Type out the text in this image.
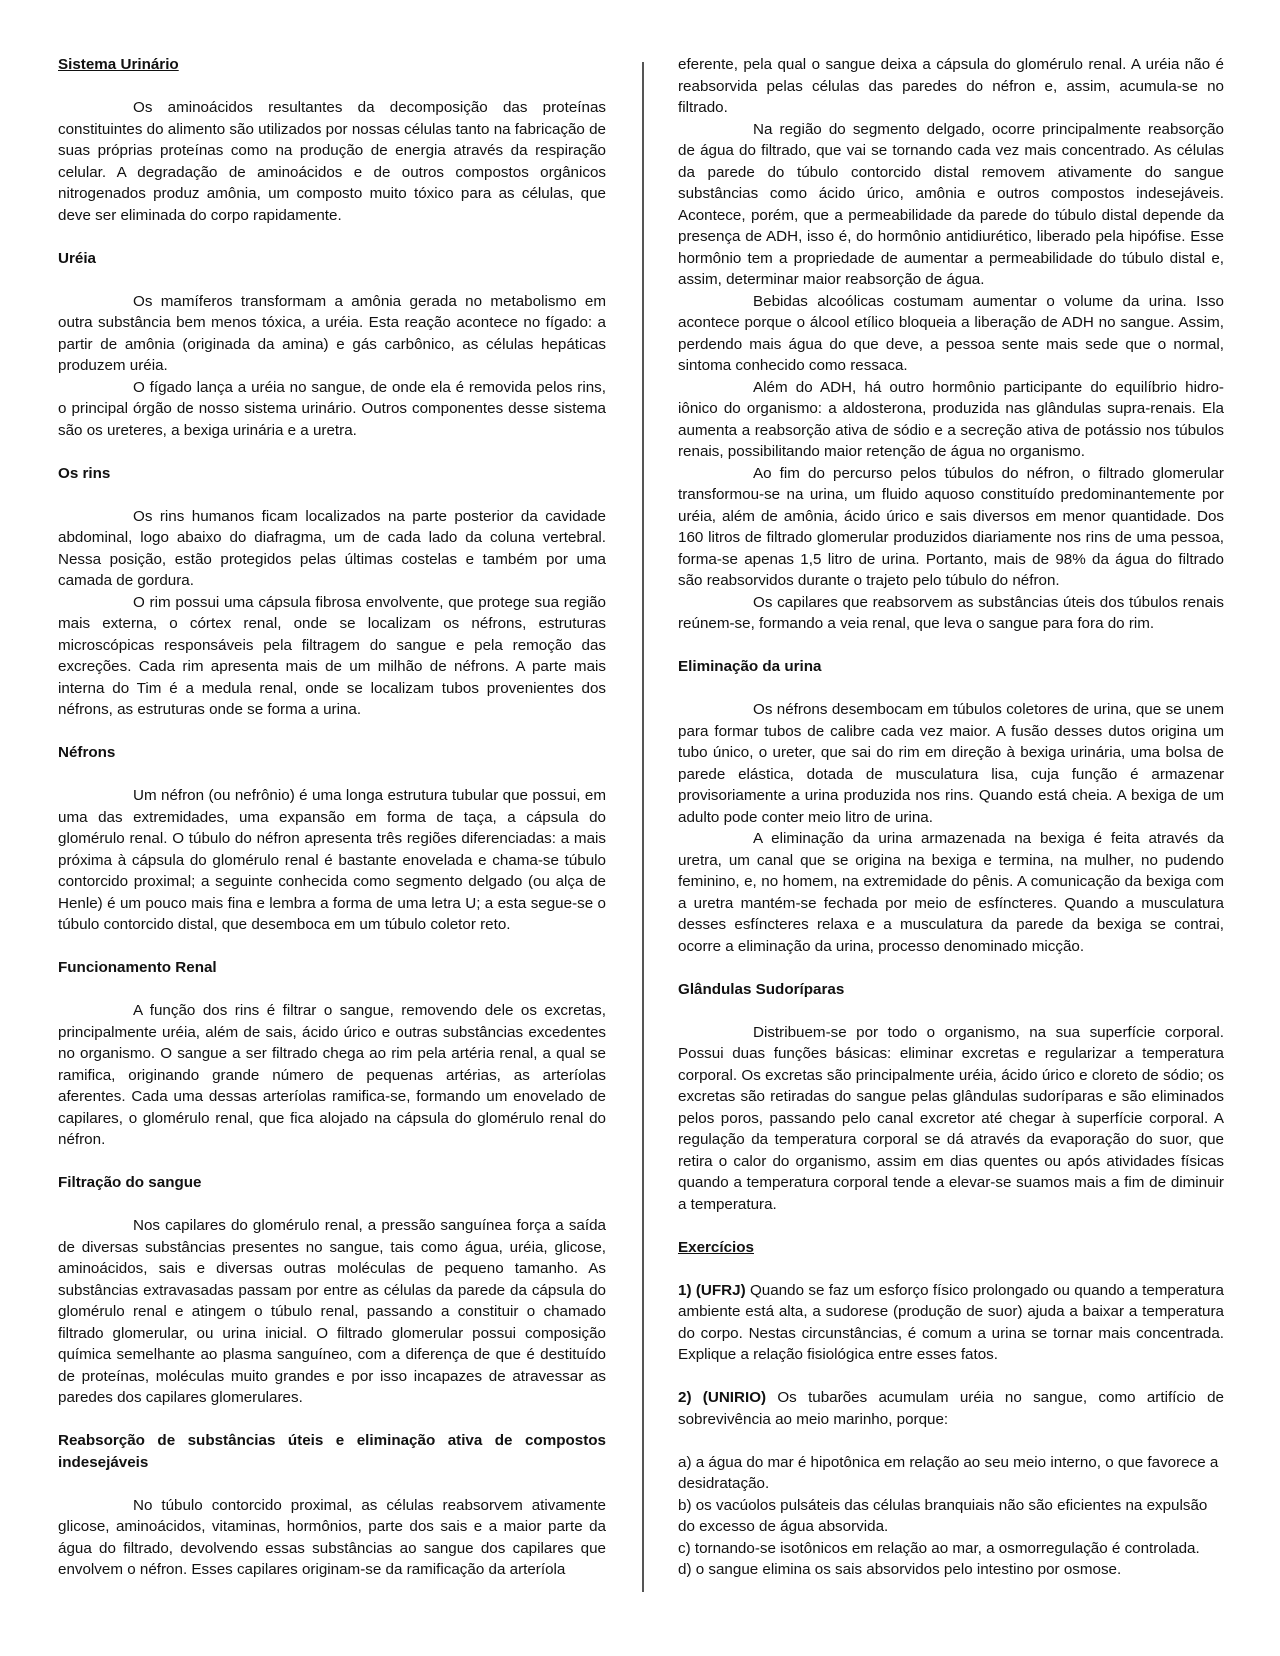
Sistema Urinário

Os aminoácidos resultantes da decomposição das proteínas constituintes do alimento são utilizados por nossas células tanto na fabricação de suas próprias proteínas como na produção de energia através da respiração celular. A degradação de aminoácidos e de outros compostos orgânicos nitrogenados produz amônia, um composto muito tóxico para as células, que deve ser eliminada do corpo rapidamente.

Uréia

Os mamíferos transformam a amônia gerada no metabolismo em outra substância bem menos tóxica, a uréia. Esta reação acontece no fígado: a partir de amônia (originada da amina) e gás carbônico, as células hepáticas produzem uréia.

O fígado lança a uréia no sangue, de onde ela é removida pelos rins, o principal órgão de nosso sistema urinário. Outros componentes desse sistema são os ureteres, a bexiga urinária e a uretra.

Os rins

Os rins humanos ficam localizados na parte posterior da cavidade abdominal, logo abaixo do diafragma, um de cada lado da coluna vertebral. Nessa posição, estão protegidos pelas últimas costelas e também por uma camada de gordura.

O rim possui uma cápsula fibrosa envolvente, que protege sua região mais externa, o córtex renal, onde se localizam os néfrons, estruturas microscópicas responsáveis pela filtragem do sangue e pela remoção das excreções. Cada rim apresenta mais de um milhão de néfrons. A parte mais interna do Tim é a medula renal, onde se localizam tubos provenientes dos néfrons, as estruturas onde se forma a urina.

Néfrons

Um néfron (ou nefrônio) é uma longa estrutura tubular que possui, em uma das extremidades, uma expansão em forma de taça, a cápsula do glomérulo renal. O túbulo do néfron apresenta três regiões diferenciadas: a mais próxima à cápsula do glomérulo renal é bastante enovelada e chama-se túbulo contorcido proximal; a seguinte conhecida como segmento delgado (ou alça de Henle) é um pouco mais fina e lembra a forma de uma letra U; a esta segue-se o túbulo contorcido distal, que desemboca em um túbulo coletor reto.

Funcionamento Renal

A função dos rins é filtrar o sangue, removendo dele os excretas, principalmente uréia, além de sais, ácido úrico e outras substâncias excedentes no organismo. O sangue a ser filtrado chega ao rim pela artéria renal, a qual se ramifica, originando grande número de pequenas artérias, as arteríolas aferentes. Cada uma dessas arteríolas ramifica-se, formando um enovelado de capilares, o glomérulo renal, que fica alojado na cápsula do glomérulo renal do néfron.

Filtração do sangue

Nos capilares do glomérulo renal, a pressão sanguínea força a saída de diversas substâncias presentes no sangue, tais como água, uréia, glicose, aminoácidos, sais e diversas outras moléculas de pequeno tamanho. As substâncias extravasadas passam por entre as células da parede da cápsula do glomérulo renal e atingem o túbulo renal, passando a constituir o chamado filtrado glomerular, ou urina inicial. O filtrado glomerular possui composição química semelhante ao plasma sanguíneo, com a diferença de que é destituído de proteínas, moléculas muito grandes e por isso incapazes de atravessar as paredes dos capilares glomerulares.

Reabsorção de substâncias úteis e eliminação ativa de compostos indesejáveis

No túbulo contorcido proximal, as células reabsorvem ativamente glicose, aminoácidos, vitaminas, hormônios, parte dos sais e a maior parte da água do filtrado, devolvendo essas substâncias ao sangue dos capilares que envolvem o néfron. Esses capilares originam-se da ramificação da arteríola

eferente, pela qual o sangue deixa a cápsula do glomérulo renal. A uréia não é reabsorvida pelas células das paredes do néfron e, assim, acumula-se no filtrado.

Na região do segmento delgado, ocorre principalmente reabsorção de água do filtrado, que vai se tornando cada vez mais concentrado. As células da parede do túbulo contorcido distal removem ativamente do sangue substâncias como ácido úrico, amônia e outros compostos indesejáveis. Acontece, porém, que a permeabilidade da parede do túbulo distal depende da presença de ADH, isso é, do hormônio antidiurético, liberado pela hipófise. Esse hormônio tem a propriedade de aumentar a permeabilidade do túbulo distal e, assim, determinar maior reabsorção de água.

Bebidas alcoólicas costumam aumentar o volume da urina. Isso acontece porque o álcool etílico bloqueia a liberação de ADH no sangue. Assim, perdendo mais água do que deve, a pessoa sente mais sede que o normal, sintoma conhecido como ressaca.

Além do ADH, há outro hormônio participante do equilíbrio hidro-iônico do organismo: a aldosterona, produzida nas glândulas supra-renais. Ela aumenta a reabsorção ativa de sódio e a secreção ativa de potássio nos túbulos renais, possibilitando maior retenção de água no organismo.

Ao fim do percurso pelos túbulos do néfron, o filtrado glomerular transformou-se na urina, um fluido aquoso constituído predominantemente por uréia, além de amônia, ácido úrico e sais diversos em menor quantidade. Dos 160 litros de filtrado glomerular produzidos diariamente nos rins de uma pessoa, forma-se apenas 1,5 litro de urina. Portanto, mais de 98% da água do filtrado são reabsorvidos durante o trajeto pelo túbulo do néfron.

Os capilares que reabsorvem as substâncias úteis dos túbulos renais reúnem-se, formando a veia renal, que leva o sangue para fora do rim.

Eliminação da urina

Os néfrons desembocam em túbulos coletores de urina, que se unem para formar tubos de calibre cada vez maior. A fusão desses dutos origina um tubo único, o ureter, que sai do rim em direção à bexiga urinária, uma bolsa de parede elástica, dotada de musculatura lisa, cuja função é armazenar provisoriamente a urina produzida nos rins. Quando está cheia. A bexiga de um adulto pode conter meio litro de urina.

A eliminação da urina armazenada na bexiga é feita através da uretra, um canal que se origina na bexiga e termina, na mulher, no pudendo feminino, e, no homem, na extremidade do pênis. A comunicação da bexiga com a uretra mantém-se fechada por meio de esfíncteres. Quando a musculatura desses esfíncteres relaxa e a musculatura da parede da bexiga se contrai, ocorre a eliminação da urina, processo denominado micção.

Glândulas Sudoríparas

Distribuem-se por todo o organismo, na sua superfície corporal. Possui duas funções básicas: eliminar excretas e regularizar a temperatura corporal. Os excretas são principalmente uréia, ácido úrico e cloreto de sódio; os excretas são retiradas do sangue pelas glândulas sudoríparas e são eliminados pelos poros, passando pelo canal excretor até chegar à superfície corporal. A regulação da temperatura corporal se dá através da evaporação do suor, que retira o calor do organismo, assim em dias quentes ou após atividades físicas quando a temperatura corporal tende a elevar-se suamos mais a fim de diminuir a temperatura.

Exercícios

1) (UFRJ) Quando se faz um esforço físico prolongado ou quando a temperatura ambiente está alta, a sudorese (produção de suor) ajuda a baixar a temperatura do corpo. Nestas circunstâncias, é comum a urina se tornar mais concentrada. Explique a relação fisiológica entre esses fatos.

2) (UNIRIO) Os tubarões acumulam uréia no sangue, como artifício de sobrevivência ao meio marinho, porque:

a) a água do mar é hipotônica em relação ao seu meio interno, o que favorece a desidratação.

b) os vacúolos pulsáteis das células branquiais não são eficientes na expulsão do excesso de água absorvida.

c) tornando-se isotônicos em relação ao mar, a osmorregulação é controlada.

d) o sangue elimina os sais absorvidos pelo intestino por osmose.
